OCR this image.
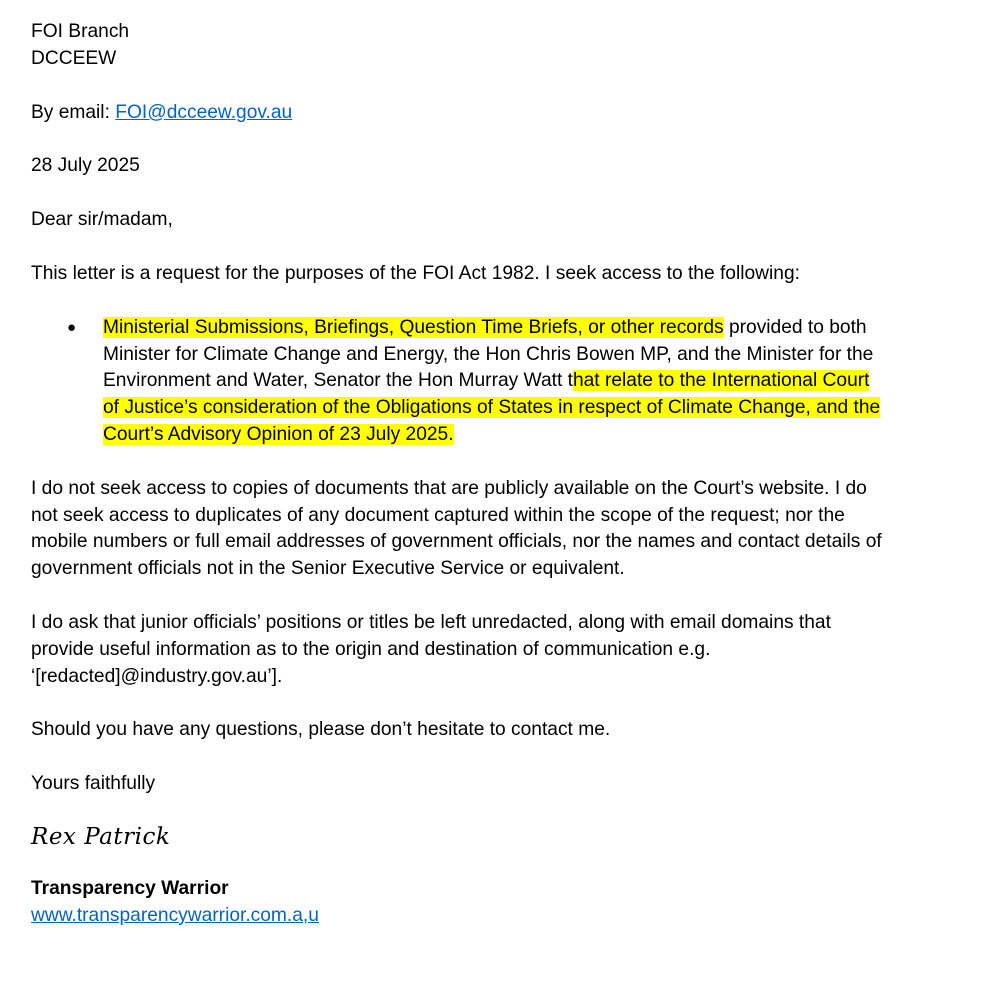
FOI Branch
DCCEEW
By email: FOI@dcceew.gov.au
28 July 2025
Dear sir/madam,
This letter is a request for the purposes of the FOI Act 1982. I seek access to the following:
● Ministerial Submissions, Briefings, Question Time Briefs, or other records provided to both
Minister for Climate Change and Energy, the Hon Chris Bowen MP, and the Minister for the
Environment and Water, Senator the Hon Murray Watt that relate to the International Court
of Justice’s consideration of the Obligations of States in respect of Climate Change, and the
Court’s Advisory Opinion of 23 July 2025.
I do not seek access to copies of documents that are publicly available on the Court’s website. I do
not seek access to duplicates of any document captured within the scope of the request; nor the
mobile numbers or full email addresses of government officials, nor the names and contact details of
government officials not in the Senior Executive Service or equivalent.
I do ask that junior officials’ positions or titles be left unredacted, along with email domains that
provide useful information as to the origin and destination of communication e.g.
‘[redacted]@industry.gov.au’].
Should you have any questions, please don’t hesitate to contact me.
Yours faithfully
Rex Patrick
Transparency Warrior
www.transparencywarrior.com.a,u
